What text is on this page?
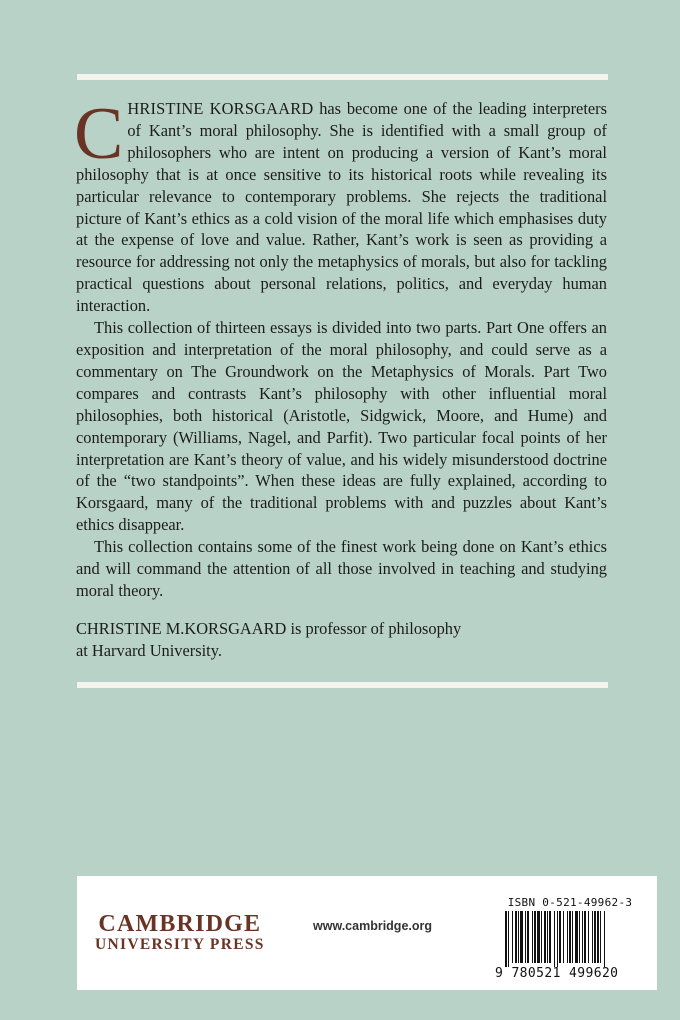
CHRISTINE KORSGAARD has become one of the leading interpreters of Kant’s moral philosophy. She is identified with a small group of philosophers who are intent on producing a version of Kant’s moral philosophy that is at once sensitive to its historical roots while revealing its particular relevance to contemporary problems. She rejects the traditional picture of Kant’s ethics as a cold vision of the moral life which emphasises duty at the expense of love and value. Rather, Kant’s work is seen as providing a resource for addressing not only the metaphysics of morals, but also for tackling practical questions about personal relations, politics, and everyday human interaction.

This collection of thirteen essays is divided into two parts. Part One offers an exposition and interpretation of the moral philosophy, and could serve as a commentary on The Groundwork on the Metaphysics of Morals. Part Two compares and contrasts Kant’s philosophy with other influential moral philosophies, both historical (Aristotle, Sidgwick, Moore, and Hume) and contemporary (Williams, Nagel, and Parfit). Two particular focal points of her interpretation are Kant’s theory of value, and his widely misunderstood doctrine of the “two standpoints”. When these ideas are fully explained, according to Korsgaard, many of the traditional problems with and puzzles about Kant’s ethics disappear.

This collection contains some of the finest work being done on Kant’s ethics and will command the attention of all those involved in teaching and studying moral theory.

CHRISTINE M.KORSGAARD is professor of philosophy
at Harvard University.
CAMBRIDGE
UNIVERSITY PRESS
www.cambridge.org
ISBN 0-521-49962-3
9 780521 499620
